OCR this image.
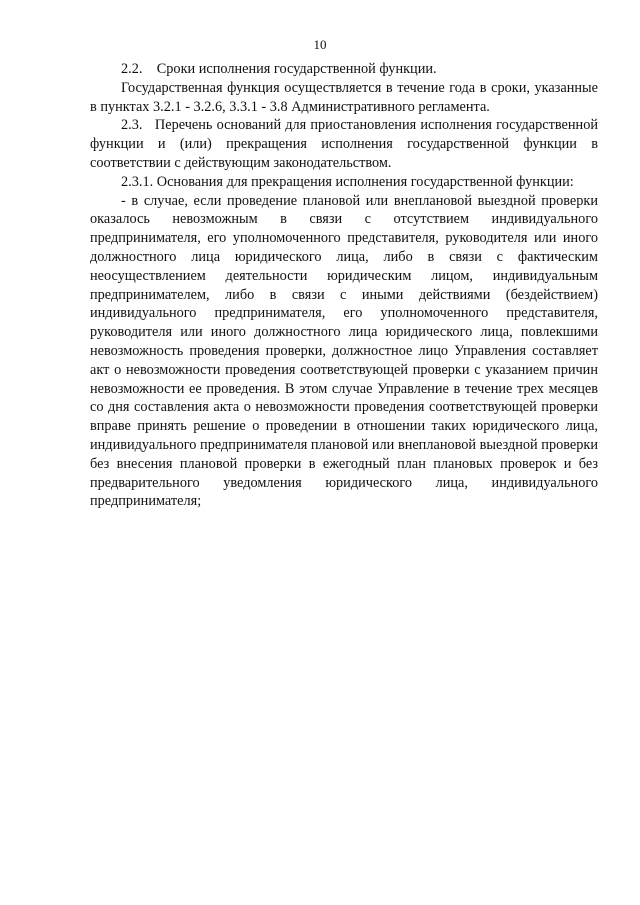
10

2.2.    Сроки исполнения государственной функции.

Государственная функция осуществляется в течение года в сроки, указанные в пунктах 3.2.1 - 3.2.6, 3.3.1 - 3.8 Административного регламента.

2.3.   Перечень оснований для приостановления исполнения государственной функции и (или) прекращения исполнения государственной функции в соответствии с действующим законодательством.

2.3.1. Основания для прекращения исполнения государственной функции:

- в случае, если проведение плановой или внеплановой выездной проверки оказалось невозможным в связи с отсутствием индивидуального предпринимателя, его уполномоченного представителя, руководителя или иного должностного лица юридического лица, либо в связи с фактическим неосуществлением деятельности юридическим лицом, индивидуальным предпринимателем, либо в связи с иными действиями (бездействием) индивидуального предпринимателя, его уполномоченного представителя, руководителя или иного должностного лица юридического лица, повлекшими невозможность проведения проверки, должностное лицо Управления составляет акт о невозможности проведения соответствующей проверки с указанием причин невозможности ее проведения. В этом случае Управление в течение трех месяцев со дня составления акта о невозможности проведения соответствующей проверки вправе принять решение о проведении в отношении таких юридического лица, индивидуального предпринимателя плановой или внеплановой выездной проверки без внесения плановой проверки в ежегодный план плановых проверок и без предварительного уведомления юридического лица, индивидуального предпринимателя;
